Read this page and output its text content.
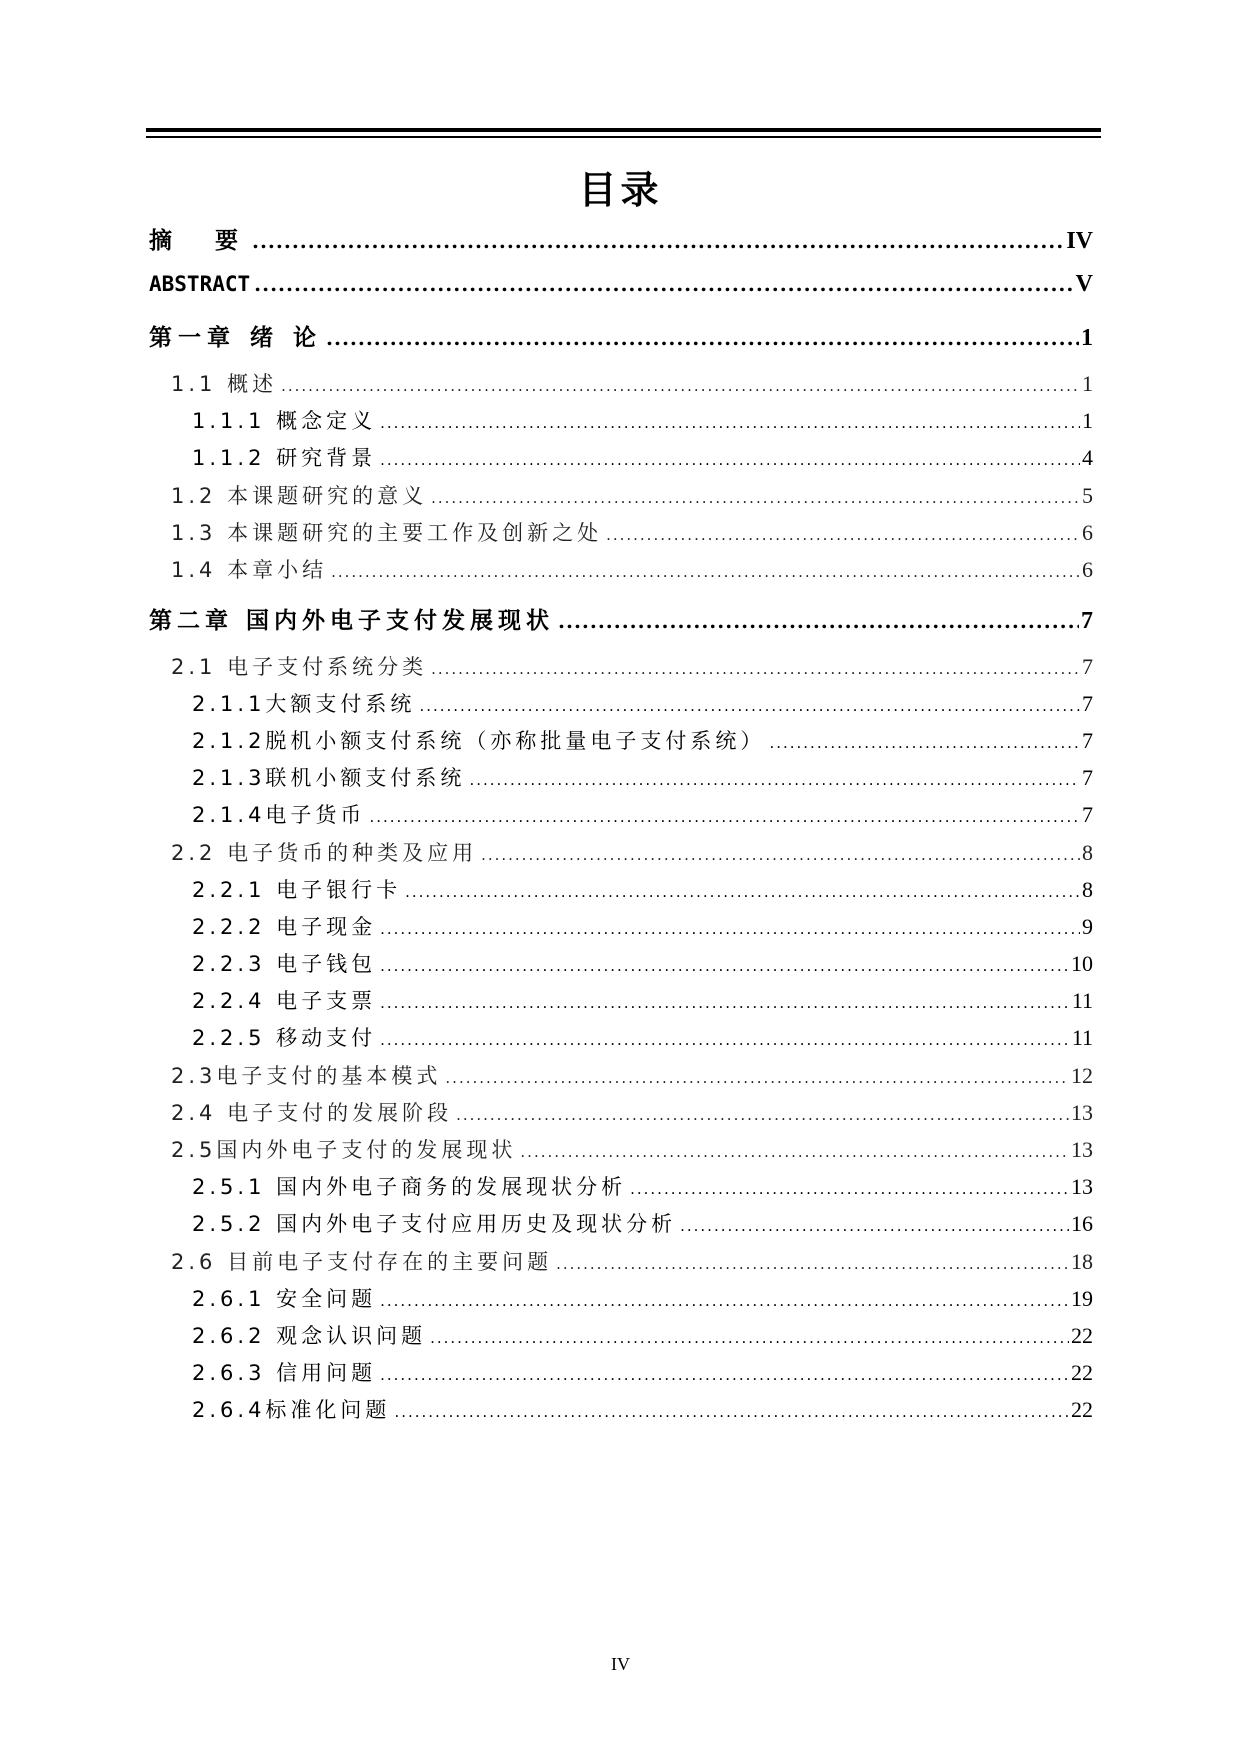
目录
摘　要 .....	IV
ABSTRACT .....	V
第一章 绪 论 .....	1
1.1 概述 .....	1
1.1.1 概念定义 .....	1
1.1.2 研究背景 .....	4
1.2 本课题研究的意义 .....	5
1.3 本课题研究的主要工作及创新之处 .....	6
1.4 本章小结 .....	6
第二章 国内外电子支付发展现状 .....	7
2.1 电子支付系统分类 .....	7
2.1.1大额支付系统 .....	7
2.1.2脱机小额支付系统（亦称批量电子支付系统） .....	7
2.1.3联机小额支付系统 .....	7
2.1.4电子货币 .....	7
2.2 电子货币的种类及应用 .....	8
2.2.1 电子银行卡 .....	8
2.2.2 电子现金 .....	9
2.2.3 电子钱包 .....	10
2.2.4 电子支票 .....	11
2.2.5 移动支付 .....	11
2.3电子支付的基本模式 .....	12
2.4 电子支付的发展阶段 .....	13
2.5国内外电子支付的发展现状 .....	13
2.5.1 国内外电子商务的发展现状分析 .....	13
2.5.2 国内外电子支付应用历史及现状分析 .....	16
2.6 目前电子支付存在的主要问题 .....	18
2.6.1 安全问题 .....	19
2.6.2 观念认识问题 .....	22
2.6.3 信用问题 .....	22
2.6.4标准化问题 .....	22
IV
